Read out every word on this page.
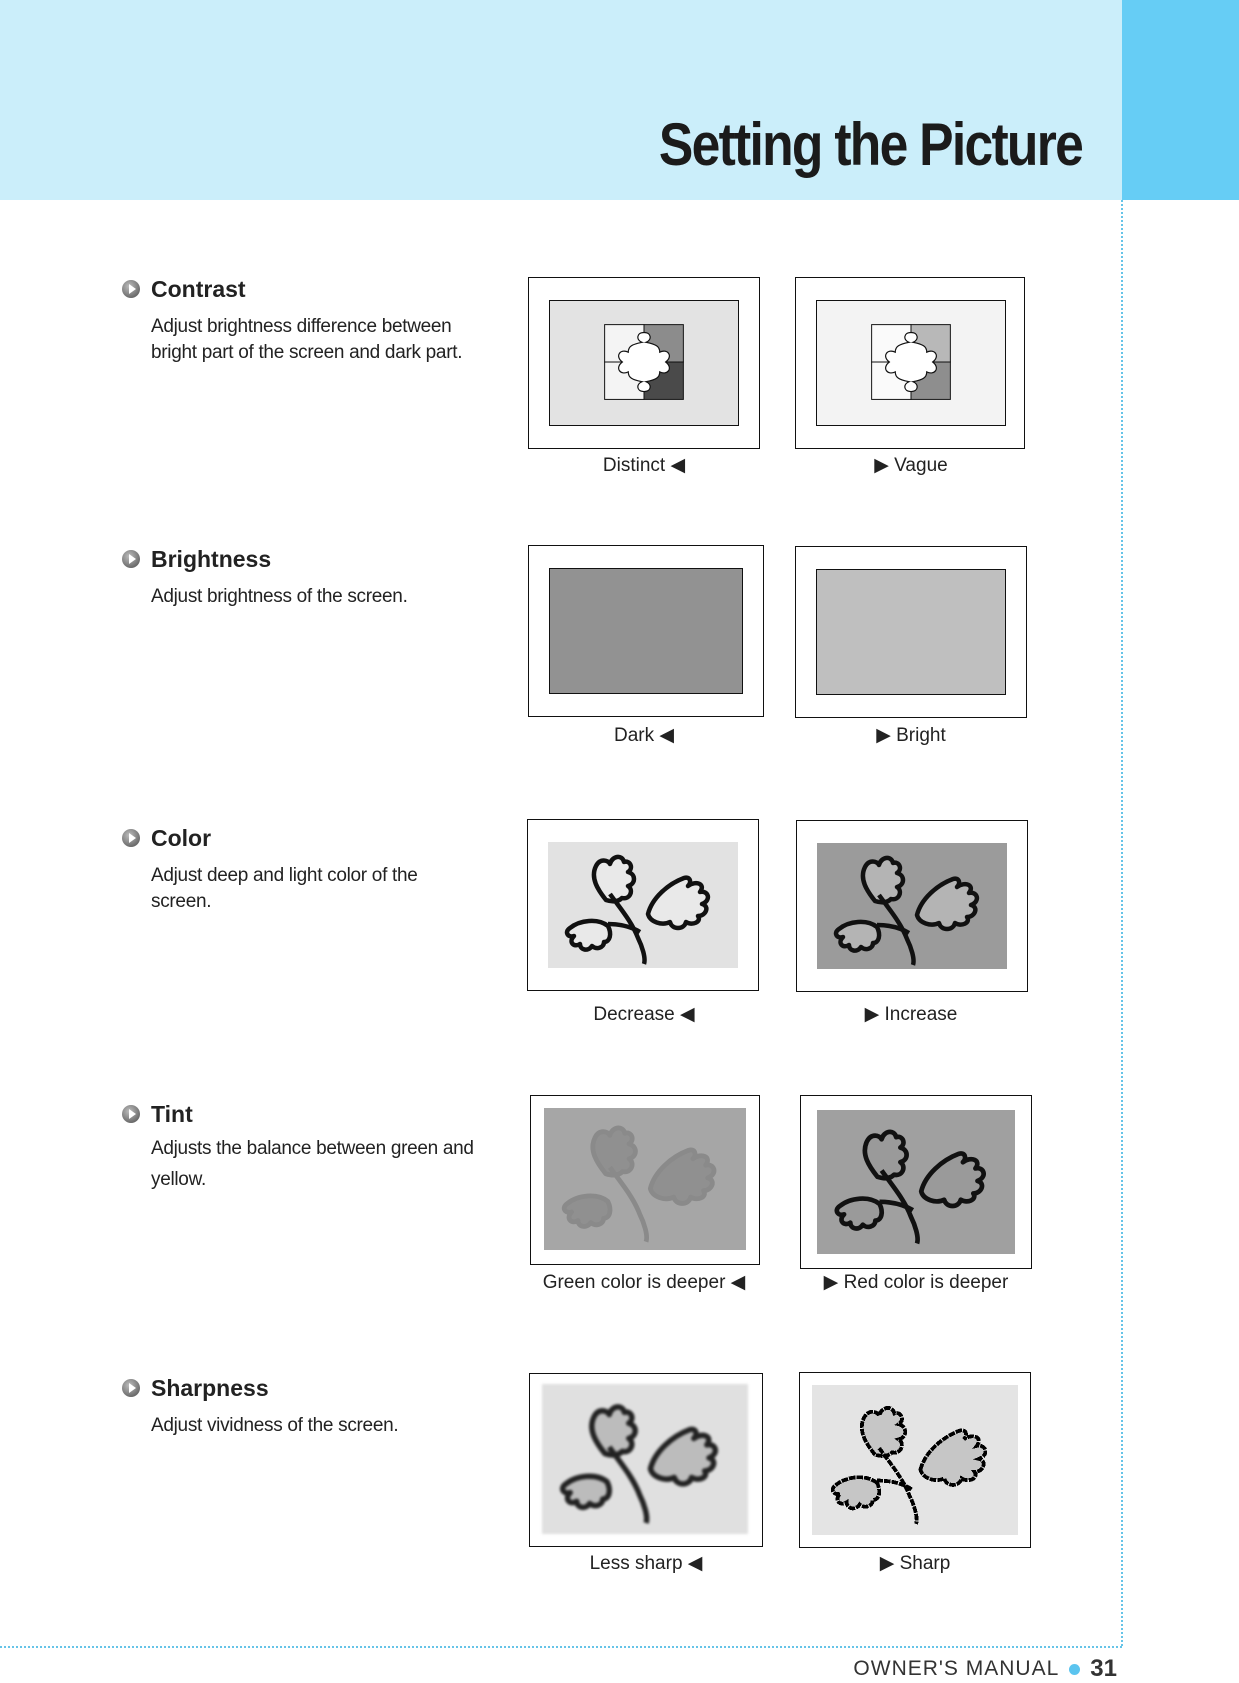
Setting the Picture
Contrast

Adjust brightness difference between bright part of the screen and dark part.

Distinct ◀	▶ Vague
Brightness

Adjust brightness of the screen.

Dark ◀	▶ Bright
Color

Adjust deep and light color of the screen.

Decrease ◀	▶ Increase
Tint

Adjusts the balance between green and yellow.

Green color is deeper ◀	▶ Red color is deeper
Sharpness

Adjust vividness of the screen.

Less sharp ◀	▶ Sharp
OWNER'S MANUAL 31
